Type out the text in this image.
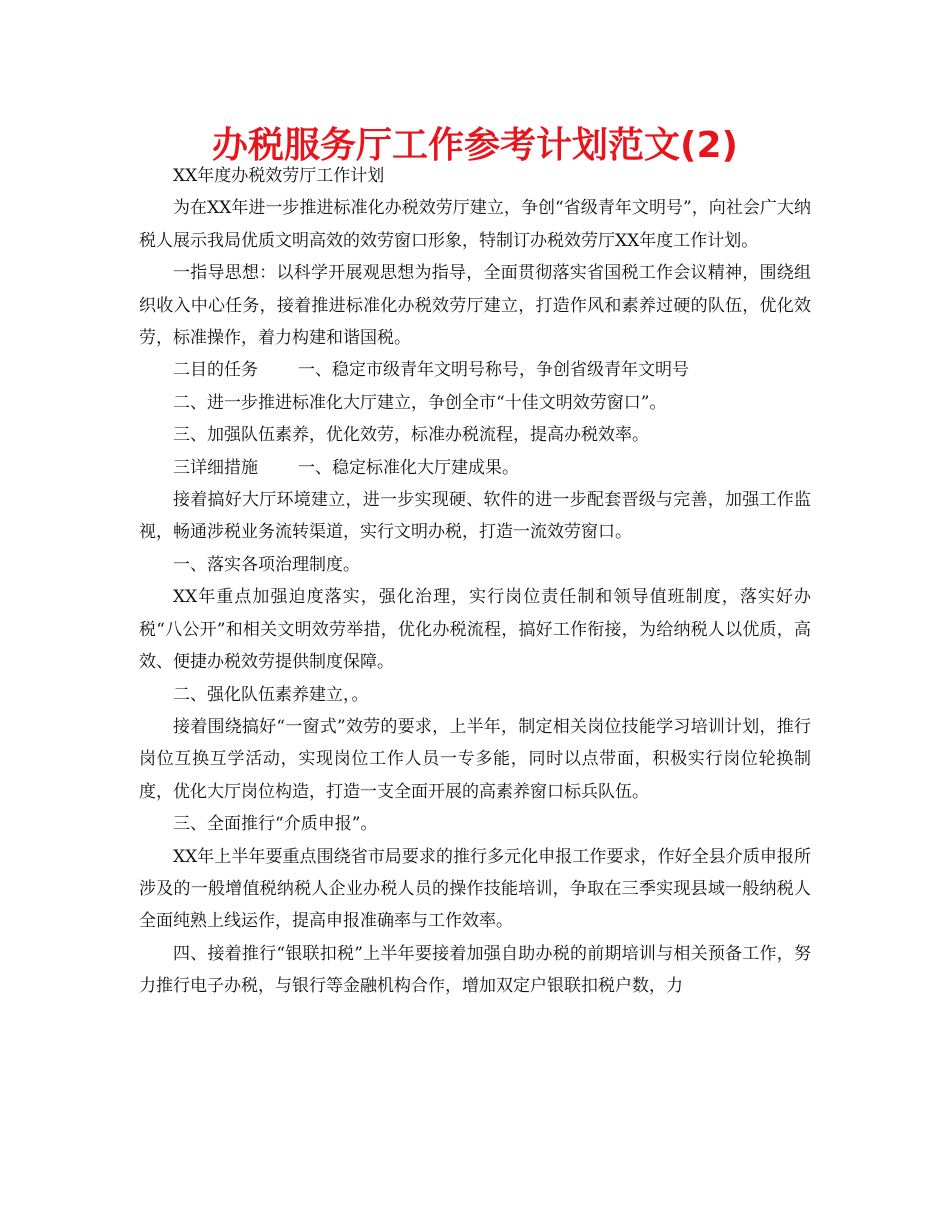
办税服务厅工作参考计划范文(2)

XX年度办税效劳厅工作计划

为在XX年进一步推进标准化办税效劳厅建立，争创“省级青年文明号”，向社会广大纳税人展示我局优质文明高效的效劳窗口形象，特制订办税效劳厅XX年度工作计划。

一指导思想：以科学开展观思想为指导，全面贯彻落实省国税工作会议精神，围绕组织收入中心任务，接着推进标准化办税效劳厅建立，打造作风和素养过硬的队伍，优化效劳，标准操作，着力构建和谐国税。

二目的任务 一、稳定市级青年文明号称号，争创省级青年文明号

二、进一步推进标准化大厅建立，争创全市“十佳文明效劳窗口”。

三、加强队伍素养，优化效劳，标准办税流程，提高办税效率。

三详细措施 一、稳定标准化大厅建成果。

接着搞好大厅环境建立，进一步实现硬、软件的进一步配套晋级与完善，加强工作监视，畅通涉税业务流转渠道，实行文明办税，打造一流效劳窗口。

一、落实各项治理制度。

XX年重点加强迫度落实，强化治理，实行岗位责任制和领导值班制度，落实好办税“八公开”和相关文明效劳举措，优化办税流程，搞好工作衔接，为给纳税人以优质，高效、便捷办税效劳提供制度保障。

二、强化队伍素养建立，。

接着围绕搞好“一窗式”效劳的要求，上半年，制定相关岗位技能学习培训计划，推行岗位互换互学活动，实现岗位工作人员一专多能，同时以点带面，积极实行岗位轮换制度，优化大厅岗位构造，打造一支全面开展的高素养窗口标兵队伍。

三、全面推行“介质申报”。

XX年上半年要重点围绕省市局要求的推行多元化申报工作要求，作好全县介质申报所涉及的一般增值税纳税人企业办税人员的操作技能培训，争取在三季实现县域一般纳税人全面纯熟上线运作，提高申报准确率与工作效率。

四、接着推行“银联扣税”上半年要接着加强自助办税的前期培训与相关预备工作，努力推行电子办税，与银行等金融机构合作，增加双定户银联扣税户数，力
